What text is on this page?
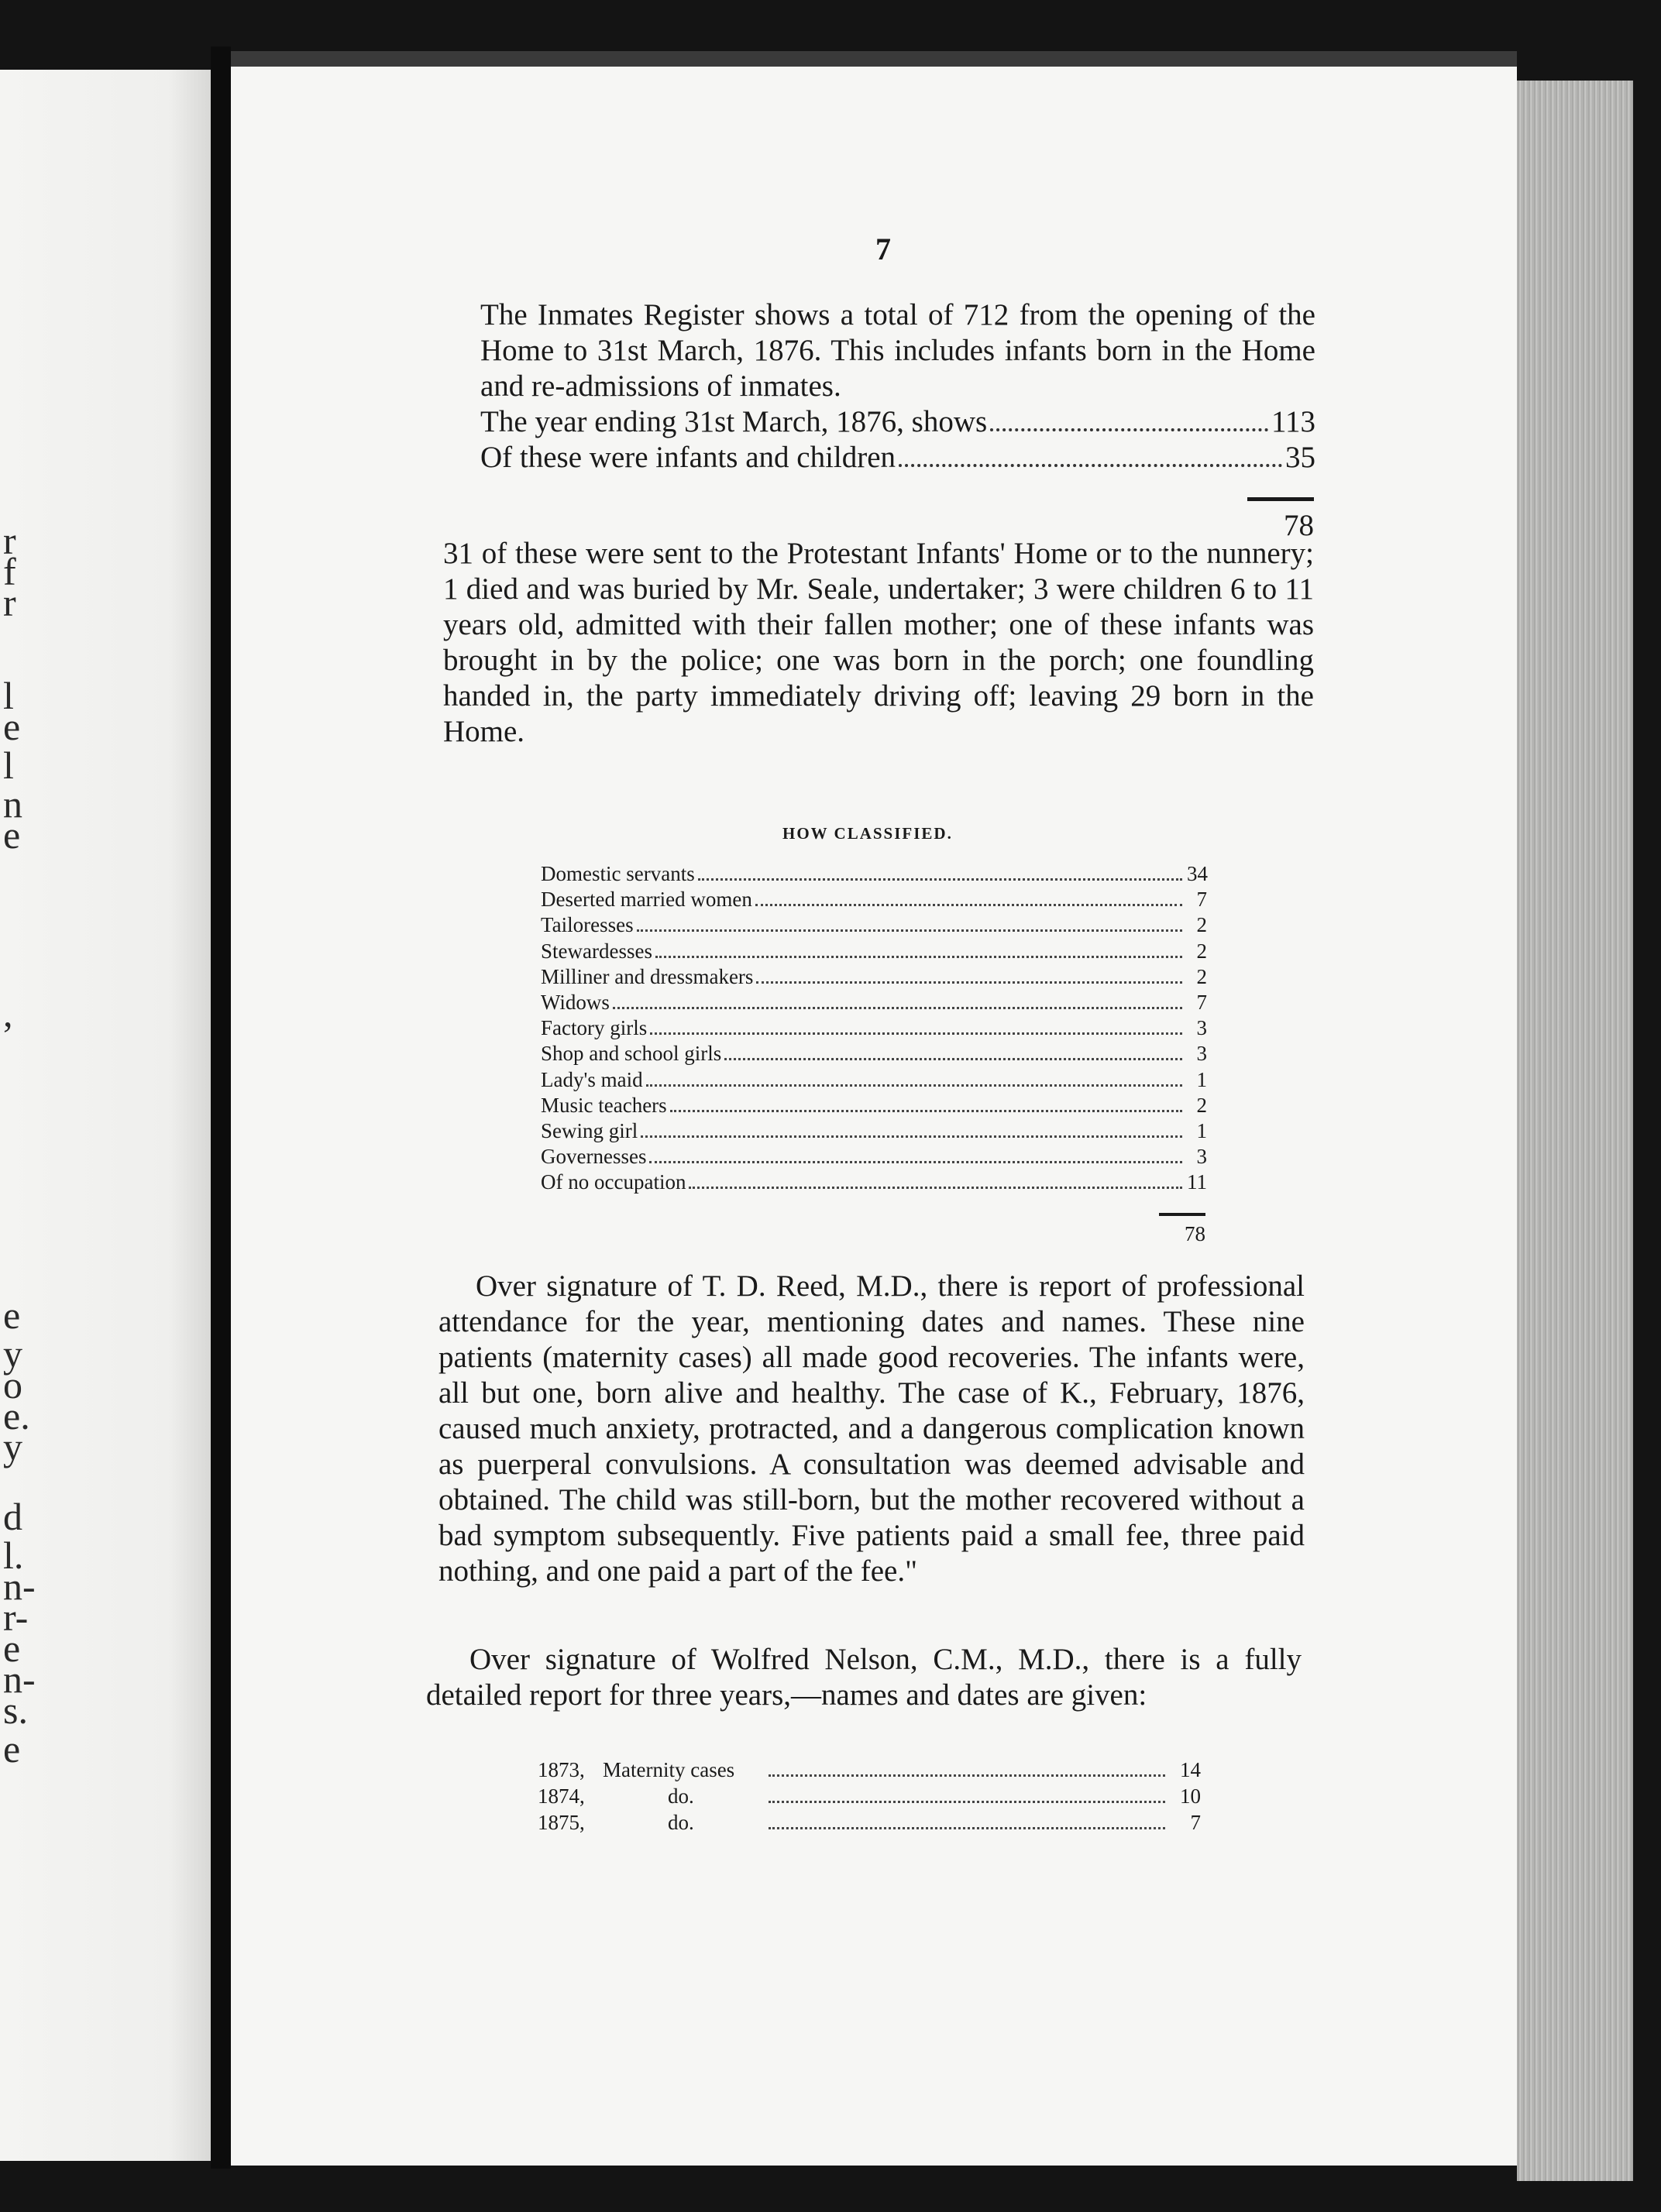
r
f
r
l
e
l
n
e
,
e
y
o
e.
y
d
l.
n-
r-
e
n-
s.
e
7
The Inmates Register shows a total of 712 from the opening of the Home to 31st March, 1876. This includes infants born in the Home and re-admissions of inmates.
The year ending 31st March, 1876, shows	113
Of these were infants and children	35
78
31 of these were sent to the Protestant Infants' Home or to the nunnery; 1 died and was buried by Mr. Seale, undertaker; 3 were children 6 to 11 years old, admitted with their fallen mother; one of these infants was brought in by the police; one was born in the porch; one foundling handed in, the party immediately driving off; leaving 29 born in the Home.
HOW CLASSIFIED.
Domestic servants	34
Deserted married women	7
Tailoresses	2
Stewardesses	2
Milliner and dressmakers	2
Widows	7
Factory girls	3
Shop and school girls	3
Lady's maid	1
Music teachers	2
Sewing girl	1
Governesses	3
Of no occupation	11
78
Over signature of T. D. Reed, M.D., there is report of professional attendance for the year, mentioning dates and names. These nine patients (maternity cases) all made good recoveries. The infants were, all but one, born alive and healthy. The case of K., February, 1876, caused much anxiety, protracted, and a dangerous complication known as puerperal convulsions. A consultation was deemed advisable and obtained. The child was still-born, but the mother recovered without a bad symptom subsequently. Five patients paid a small fee, three paid nothing, and one paid a part of the fee."
Over signature of Wolfred Nelson, C.M., M.D., there is a fully detailed report for three years,—names and dates are given:
1873, Maternity cases	14
1874,	do.	10
1875,	do.	7
